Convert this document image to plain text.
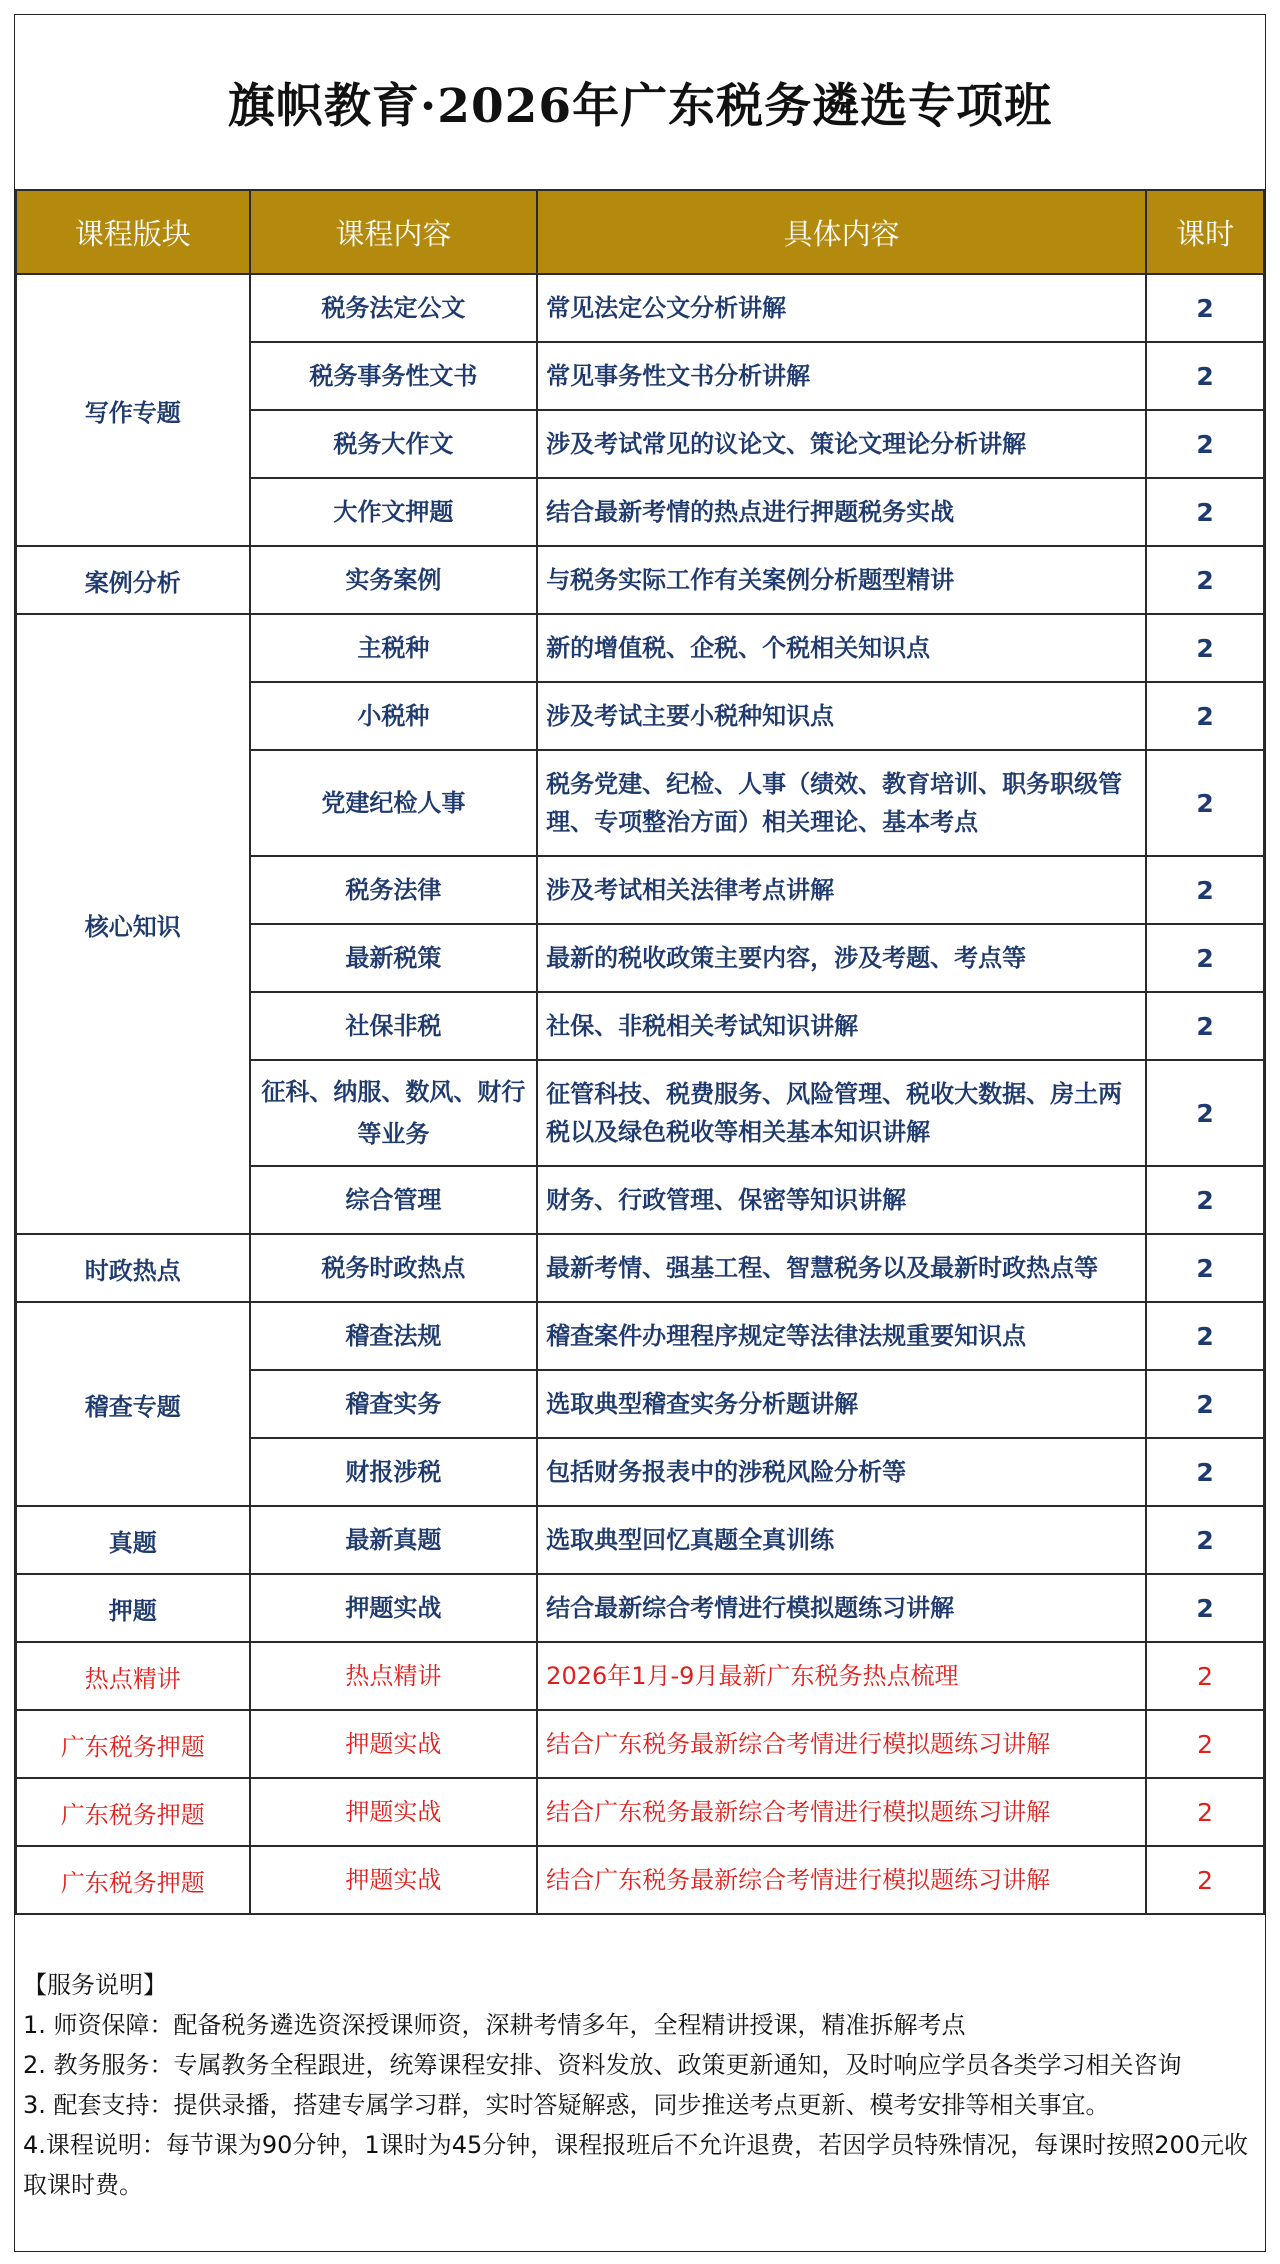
旗帜教育·2026年广东税务遴选专项班
课程版块	课程内容	具体内容	课时
写作专题	税务法定公文	常见法定公文分析讲解	2
	税务事务性文书	常见事务性文书分析讲解	2
	税务大作文	涉及考试常见的议论文、策论文理论分析讲解	2
	大作文押题	结合最新考情的热点进行押题税务实战	2
案例分析	实务案例	与税务实际工作有关案例分析题型精讲	2
核心知识	主税种	新的增值税、企税、个税相关知识点	2
	小税种	涉及考试主要小税种知识点	2
	党建纪检人事	税务党建、纪检、人事（绩效、教育培训、职务职级管理、专项整治方面）相关理论、基本考点	2
	税务法律	涉及考试相关法律考点讲解	2
	最新税策	最新的税收政策主要内容，涉及考题、考点等	2
	社保非税	社保、非税相关考试知识讲解	2
	征科、纳服、数风、财行等业务	征管科技、税费服务、风险管理、税收大数据、房土两税以及绿色税收等相关基本知识讲解	2
	综合管理	财务、行政管理、保密等知识讲解	2
时政热点	税务时政热点	最新考情、强基工程、智慧税务以及最新时政热点等	2
稽查专题	稽查法规	稽查案件办理程序规定等法律法规重要知识点	2
	稽查实务	选取典型稽查实务分析题讲解	2
	财报涉税	包括财务报表中的涉税风险分析等	2
真题	最新真题	选取典型回忆真题全真训练	2
押题	押题实战	结合最新综合考情进行模拟题练习讲解	2
热点精讲	热点精讲	2026年1月-9月最新广东税务热点梳理	2
广东税务押题	押题实战	结合广东税务最新综合考情进行模拟题练习讲解	2
广东税务押题	押题实战	结合广东税务最新综合考情进行模拟题练习讲解	2
广东税务押题	押题实战	结合广东税务最新综合考情进行模拟题练习讲解	2

【服务说明】

1. 师资保障：配备税务遴选资深授课师资，深耕考情多年，全程精讲授课，精准拆解考点

2. 教务服务：专属教务全程跟进，统筹课程安排、资料发放、政策更新通知，及时响应学员各类学习相关咨询

3. 配套支持：提供录播，搭建专属学习群，实时答疑解惑，同步推送考点更新、模考安排等相关事宜。

4.课程说明：每节课为90分钟，1课时为45分钟，课程报班后不允许退费，若因学员特殊情况，每课时按照200元收取课时费。
